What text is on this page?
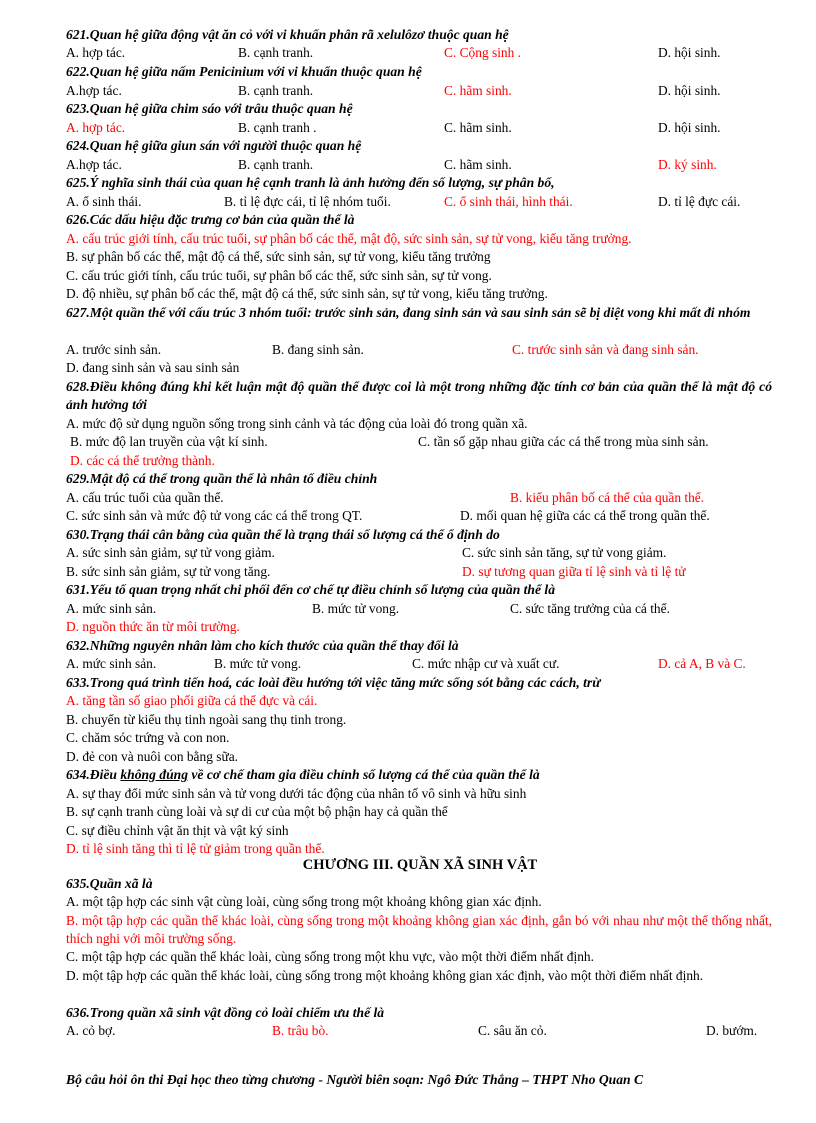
621.Quan hệ giữa động vật ăn cỏ với vi khuẩn phân rã xelulôzơ thuộc quan hệ
A. hợp tác.	B. cạnh tranh.	C. Cộng sinh .	D. hội sinh.
622.Quan hệ giữa nấm Penicinium với vi khuẩn thuộc quan hệ
A.hợp tác.	B. cạnh tranh.	C. hãm sinh.	D. hội sinh.
623.Quan hệ giữa chim sáo với trâu thuộc quan hệ
A. hợp tác.	B. cạnh tranh .	C. hãm sinh.	D. hội sinh.
624.Quan hệ giữa giun sán với người thuộc quan hệ
A.hợp tác.	B. cạnh tranh.	C. hãm sinh.	D. ký sinh.
625.Ý nghĩa sinh thái của quan hệ cạnh tranh là ảnh hưởng đến số lượng, sự phân bố,
A. ổ sinh thái.	B. tỉ lệ đực cái, tỉ lệ nhóm tuổi.	C. ổ sinh thái, hình thái.	D. tỉ lệ đực cái.
626.Các dấu hiệu đặc trưng cơ bản của quần thể là
A. cấu trúc giới tính, cấu trúc tuổi, sự phân bố các thể, mật độ, sức sinh sản, sự tử vong, kiểu tăng trưởng.
B. sự phân bố các thể, mật độ cá thể, sức sinh sản, sự tử vong, kiểu tăng trưởng
C. cấu trúc giới tính, cấu trúc tuổi, sự phân bố các thể, sức sinh sản, sự tử vong.
D. độ nhiều, sự phân bố các thể, mật độ cá thể, sức sinh sản, sự tử vong, kiểu tăng trưởng.
627.Một quần thể với cấu trúc 3 nhóm tuổi: trước sinh sản, đang sinh sản và sau sinh sản sẽ bị diệt vong khi mất đi nhóm
A. trước sinh sản.	B. đang sinh sản.	C. trước sinh sản và đang sinh sản.
D. đang sinh sản và sau sinh sản
628.Điều không đúng khi kết luận mật độ quần thể được coi là một trong những đặc tính cơ bản của quần thể là mật độ có ảnh hưởng tới
A. mức độ sử dụng nguồn sống trong sinh cảnh và tác động của loài đó trong quần xã.
B. mức độ lan truyền của vật kí sinh.	C. tần số gặp nhau giữa các cá thể trong mùa sinh sản.
D. các cá thể trưởng thành.
629.Mật độ cá thể trong quần thể là nhân tố điều chỉnh
A. cấu trúc tuổi của quần thể.	B. kiểu phân bố cá thể của quần thể.
C. sức sinh sản và mức độ tử vong các cá thể trong QT.	D. mối quan hệ giữa các cá thể trong quần thể.
630.Trạng thái cân bằng của quần thể là trạng thái số lượng cá thể ổ định do
A. sức sinh sản giảm, sự tử vong giảm.	C. sức sinh sản tăng, sự tử vong giảm.
B. sức sinh sản giảm, sự tử vong tăng.	D. sự tương quan giữa tỉ lệ sinh và tỉ lệ tử
631.Yếu tố quan trọng nhất chi phối đến cơ chế tự điều chỉnh số lượng của quần thể là
A. mức sinh sản.	B. mức tử vong.	C. sức tăng trưởng của cá thể.
D. nguồn thức ăn từ môi trường.
632.Những nguyên nhân làm cho kích thước của quần thể thay đổi là
A. mức sinh sản.	B. mức tử vong.	C. mức nhập cư và xuất cư.	D. cả A, B và C.
633.Trong quá trình tiến hoá, các loài đều hướng tới việc tăng mức sống sót bằng các cách, trừ
A. tăng tần số giao phối giữa cá thể đực và cái.
B. chuyển từ kiểu thụ tinh ngoài sang thụ tinh trong.
C. chăm sóc trứng và con non.
D. đẻ con và nuôi con bằng sữa.
634.Điều không đúng về cơ chế tham gia điều chỉnh số lượng cá thể của quần thể là
A. sự thay đổi mức sinh sản và tử vong dưới tác động của nhân tố vô sinh và hữu sinh
B. sự cạnh tranh cùng loài và sự di cư của một bộ phận hay cả quần thể
C. sự điều chỉnh vật ăn thịt và vật ký sinh
D. tỉ lệ sinh tăng thì tỉ lệ tử giảm trong quần thể.
CHƯƠNG III. QUẦN XÃ SINH VẬT
635.Quần xã là
A. một tập hợp các sinh vật cùng loài, cùng sống trong một khoảng không gian xác định.
B. một tập hợp các quần thể khác loài, cùng sống trong một khoảng không gian xác định, gắn bó với nhau như một thể thống nhất, thích nghi với môi trường sống.
C. một tập hợp các quần thể khác loài, cùng sống trong một khu vực, vào một thời điểm nhất định.
D. một tập hợp các quần thể khác loài, cùng sống trong một khoảng không gian xác định, vào một thời điểm nhất định.
636.Trong quần xã sinh vật đồng cỏ loài chiếm ưu thế là
A. cỏ bợ.	B. trâu bò.	C. sâu ăn cỏ.	D. bướm.
Bộ câu hỏi ôn thi Đại học theo từng chương - Người biên soạn: Ngô Đức Thắng – THPT Nho Quan C
